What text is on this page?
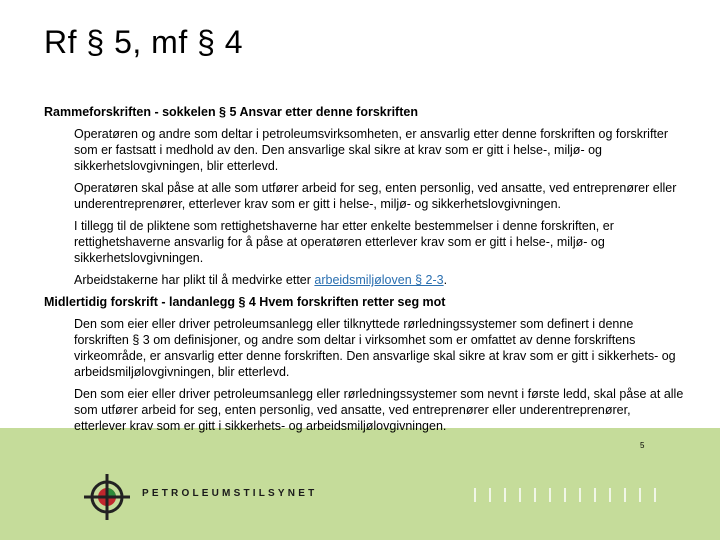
Rf § 5, mf § 4

Rammeforskriften - sokkelen § 5 Ansvar etter denne forskriften

Operatøren og andre som deltar i petroleumsvirksomheten, er ansvarlig etter denne forskriften og forskrifter som er fastsatt i medhold av den. Den ansvarlige skal sikre at krav som er gitt i helse-, miljø- og sikkerhetslovgivningen, blir etterlevd.

Operatøren skal påse at alle som utfører arbeid for seg, enten personlig, ved ansatte, ved entreprenører eller underentreprenører, etterlever krav som er gitt i helse-, miljø- og sikkerhetslovgivningen.

I tillegg til de pliktene som rettighetshaverne har etter enkelte bestemmelser i denne forskriften, er rettighetshaverne ansvarlig for å påse at operatøren etterlever krav som er gitt i helse-, miljø- og sikkerhetslovgivningen.

Arbeidstakerne har plikt til å medvirke etter arbeidsmiljøloven § 2-3.

Midlertidig forskrift - landanlegg § 4 Hvem forskriften retter seg mot

Den som eier eller driver petroleumsanlegg eller tilknyttede rørledningssystemer som definert i denne forskriften § 3 om definisjoner, og andre som deltar i virksomhet som er omfattet av denne forskriftens virkeområde, er ansvarlig etter denne forskriften. Den ansvarlige skal sikre at krav som er gitt i sikkerhets- og arbeidsmiljølovgivningen, blir etterlevd.

Den som eier eller driver petroleumsanlegg eller rørledningssystemer som nevnt i første ledd, skal påse at alle som utfører arbeid for seg, enten personlig, ved ansatte, ved entreprenører eller underentreprenører, etterlever krav som er gitt i sikkerhets- og arbeidsmiljølovgivningen.

5
PETROLEUMSTILSYNET
